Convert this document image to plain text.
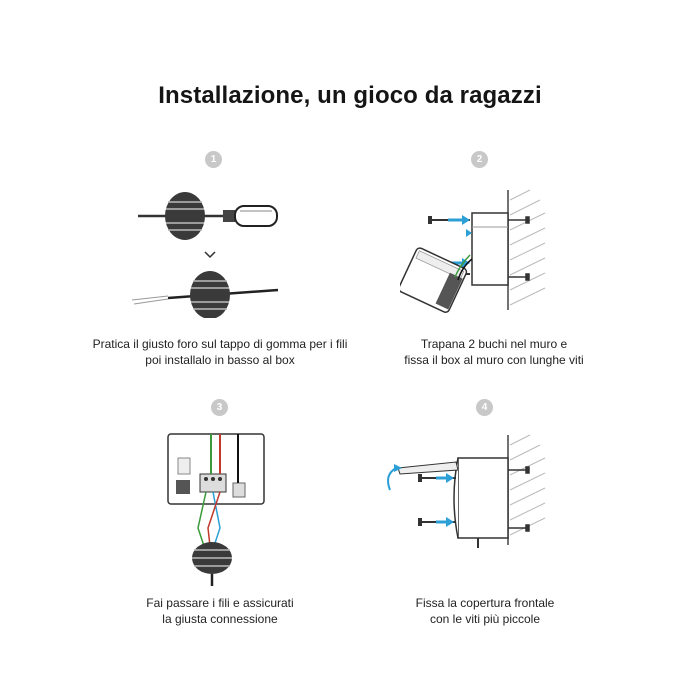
Installazione, un gioco da ragazzi
1
Pratica il giusto foro sul tappo di gomma per i fili
poi installalo in basso al box
2
Trapana 2 buchi nel muro e
fissa il box al muro con lunghe viti
3
Fai passare i fili e assicurati
la giusta connessione
4
Fissa la copertura frontale
con le viti più piccole
